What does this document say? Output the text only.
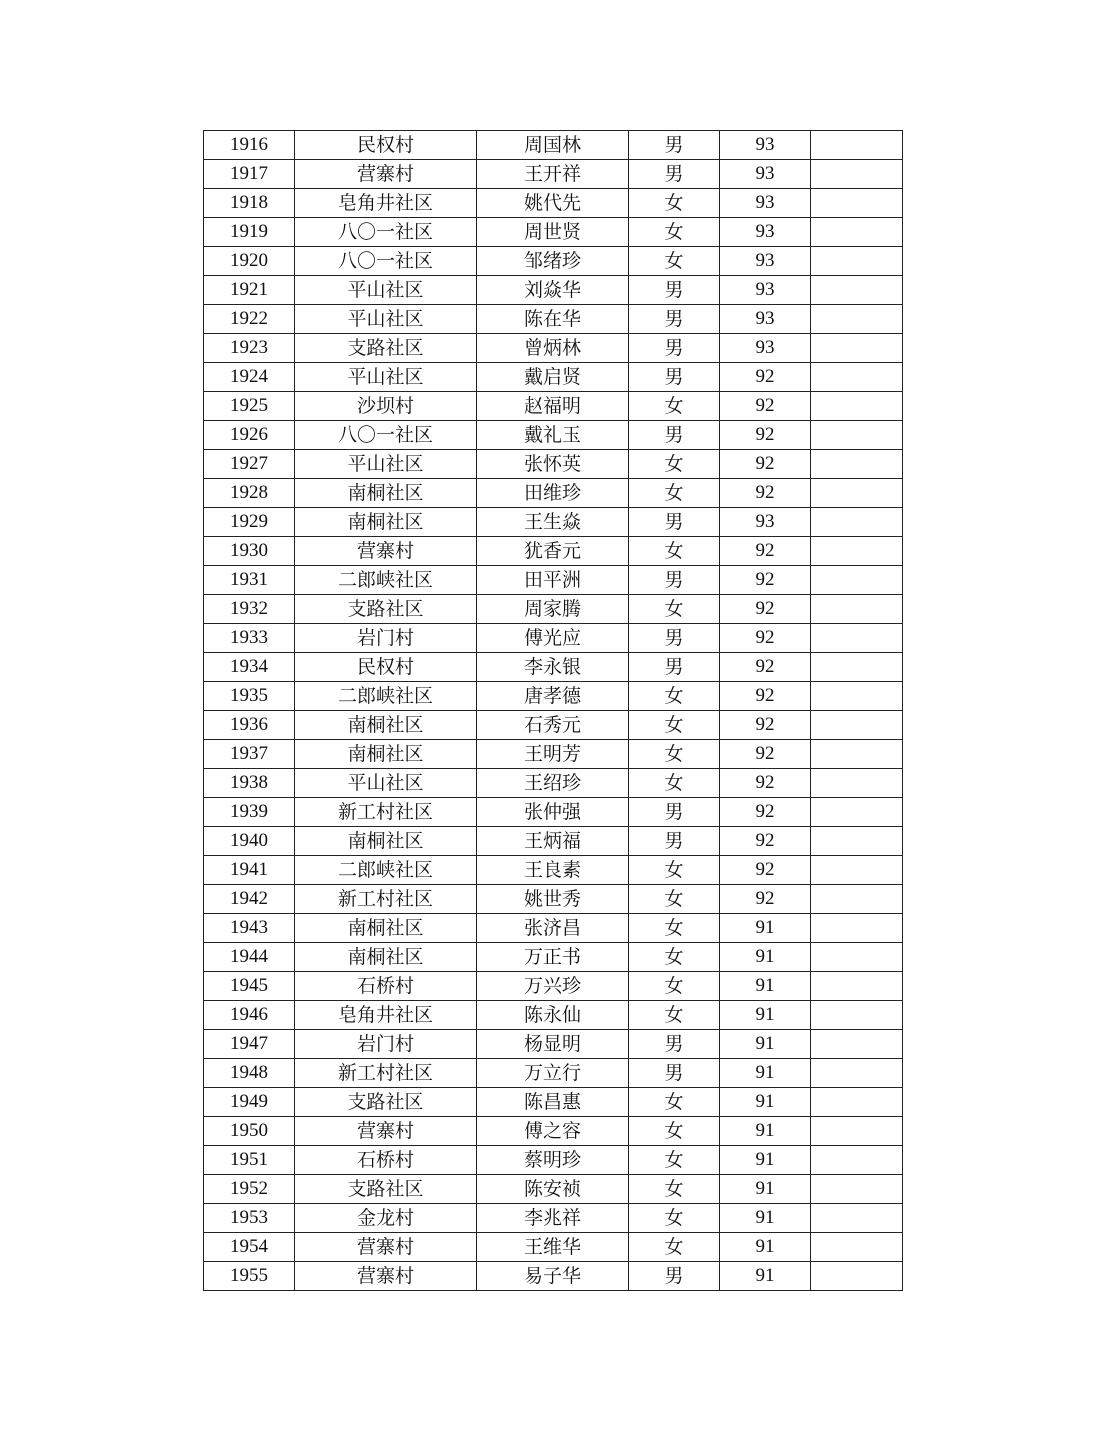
1916	民权村	周国林	男	93	
1917	营寨村	王开祥	男	93	
1918	皂角井社区	姚代先	女	93	
1919	八〇一社区	周世贤	女	93	
1920	八〇一社区	邹绪珍	女	93	
1921	平山社区	刘焱华	男	93	
1922	平山社区	陈在华	男	93	
1923	支路社区	曾炳林	男	93	
1924	平山社区	戴启贤	男	92	
1925	沙坝村	赵福明	女	92	
1926	八〇一社区	戴礼玉	男	92	
1927	平山社区	张怀英	女	92	
1928	南桐社区	田维珍	女	92	
1929	南桐社区	王生焱	男	93	
1930	营寨村	犹香元	女	92	
1931	二郎峡社区	田平洲	男	92	
1932	支路社区	周家腾	女	92	
1933	岩门村	傅光应	男	92	
1934	民权村	李永银	男	92	
1935	二郎峡社区	唐孝德	女	92	
1936	南桐社区	石秀元	女	92	
1937	南桐社区	王明芳	女	92	
1938	平山社区	王绍珍	女	92	
1939	新工村社区	张仲强	男	92	
1940	南桐社区	王炳福	男	92	
1941	二郎峡社区	王良素	女	92	
1942	新工村社区	姚世秀	女	92	
1943	南桐社区	张济昌	女	91	
1944	南桐社区	万正书	女	91	
1945	石桥村	万兴珍	女	91	
1946	皂角井社区	陈永仙	女	91	
1947	岩门村	杨显明	男	91	
1948	新工村社区	万立行	男	91	
1949	支路社区	陈昌惠	女	91	
1950	营寨村	傅之容	女	91	
1951	石桥村	蔡明珍	女	91	
1952	支路社区	陈安祯	女	91	
1953	金龙村	李兆祥	女	91	
1954	营寨村	王维华	女	91	
1955	营寨村	易子华	男	91	
